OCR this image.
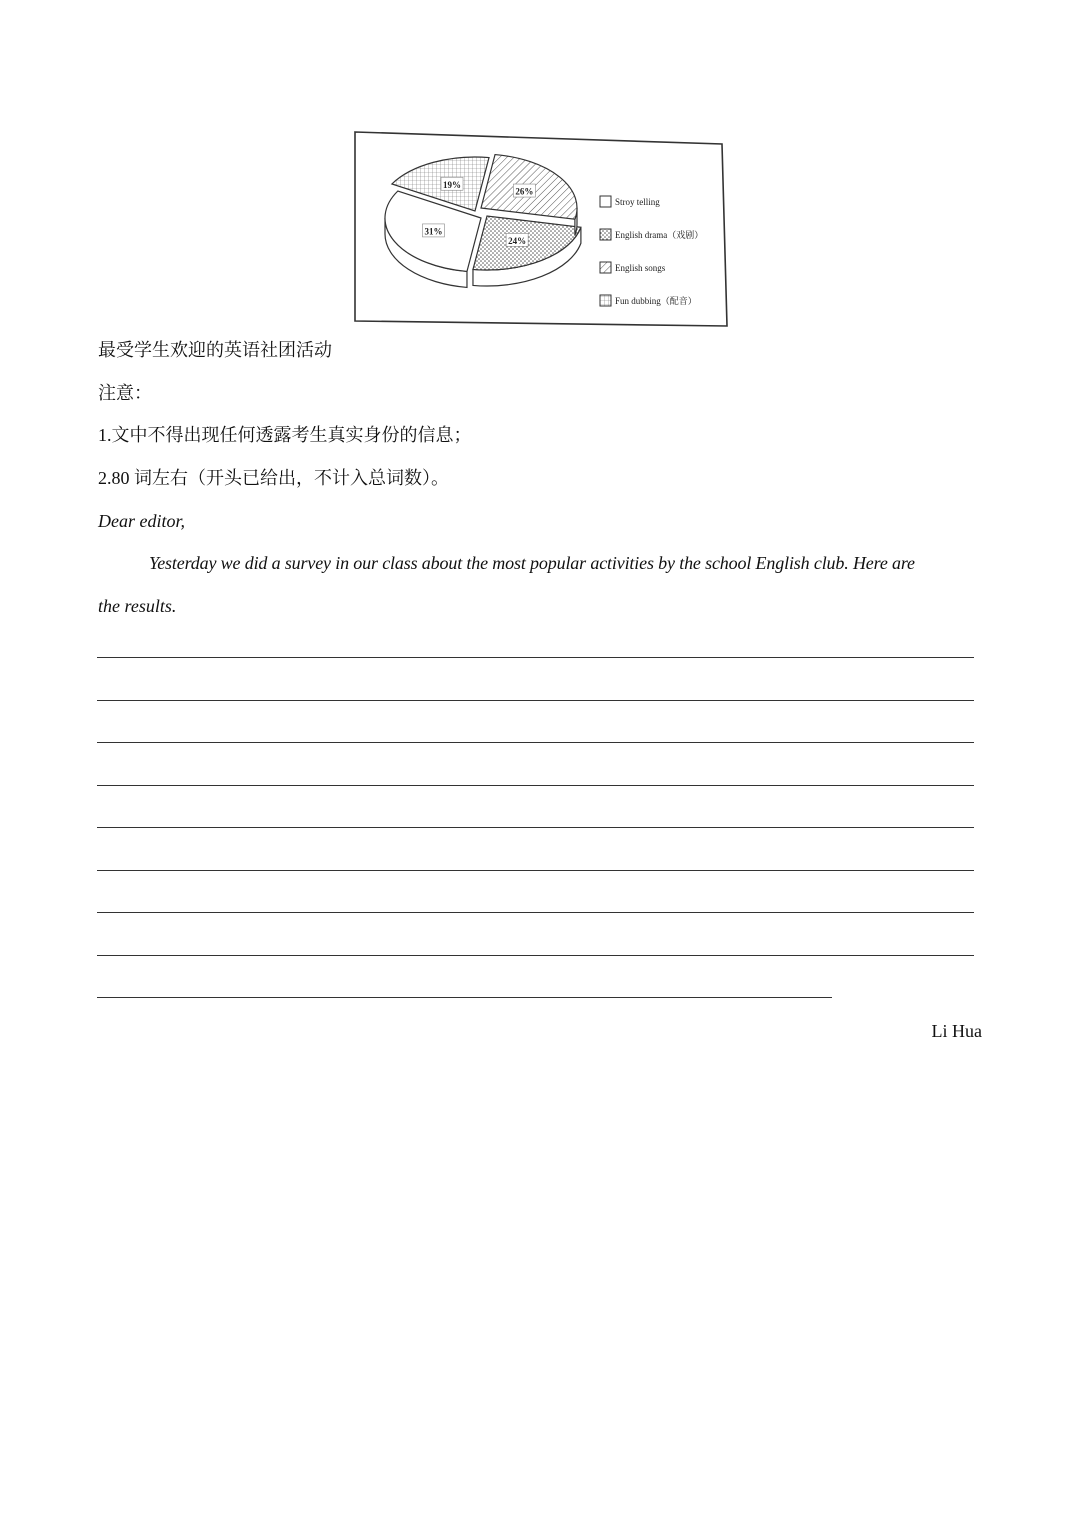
31%
24%
26%
19%
Stroy telling
English drama（戏剧）
English songs
Fun dubbing（配音）
最受学生欢迎的英语社团活动
注意：
1.文中不得出现任何透露考生真实身份的信息；
2.80 词左右（开头已给出，不计入总词数）。
Dear editor,
Yesterday we did a survey in our class about the most popular activities by the school English club. Here are
the results.
Li Hua
